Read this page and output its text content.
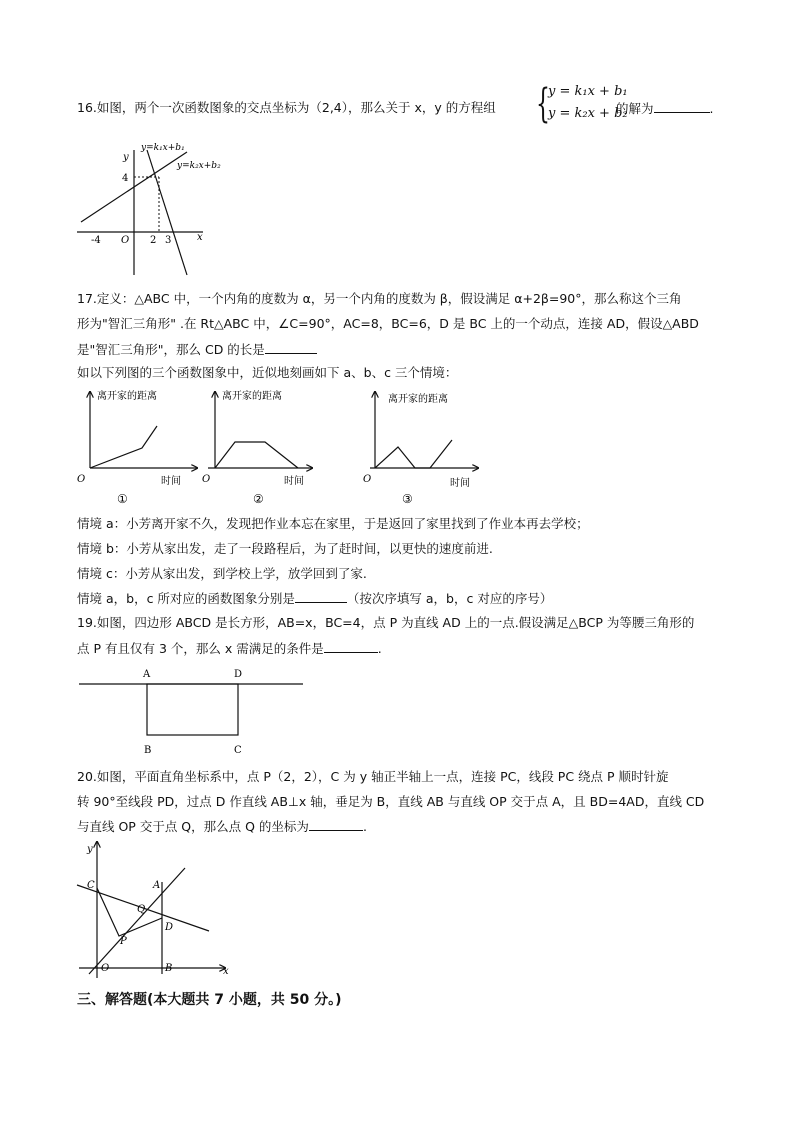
16.如图，两个一次函数图象的交点坐标为（2,4），那么关于 x，y 的方程组 {
y = k₁x + b₁
y = k₂x + b₂
的解为	.
y=k₁x+b₁
y=k₂x+b₂
y
x
4
-4 O 2 3
17.定义：△ABC 中，一个内角的度数为 α，另一个内角的度数为 β，假设满足 α+2β=90°，那么称这个三角
形为"智汇三角形" .在 Rt△ABC 中，∠C=90°，AC=8，BC=6，D 是 BC 上的一个动点，连接 AD，假设△ABD
是"智汇三角形"，那么 CD 的长是
如以下列图的三个函数图象中，近似地刻画如下 a、b、c 三个情境：
离开家的距离
时间
O
①
离开家的距离
时间
O
②
离开家的距离
时间
O
③
情境 a：小芳离开家不久，发现把作业本忘在家里，于是返回了家里找到了作业本再去学校；
情境 b：小芳从家出发，走了一段路程后，为了赶时间，以更快的速度前进.
情境 c：小芳从家出发，到学校上学，放学回到了家.
情境 a，b，c 所对应的函数图象分别是	（按次序填写 a，b，c 对应的序号）
19.如图，四边形 ABCD 是长方形，AB=x，BC=4，点 P 为直线 AD 上的一点.假设满足△BCP 为等腰三角形的
点 P 有且仅有 3 个，那么 x 需满足的条件是	.
A	D
B	C
20.如图，平面直角坐标系中，点 P（2，2），C 为 y 轴正半轴上一点，连接 PC，线段 PC 绕点 P 顺时针旋
转 90°至线段 PD，过点 D 作直线 AB⊥x 轴，垂足为 B，直线 AB 与直线 OP 交于点 A，且 BD=4AD，直线 CD
与直线 OP 交于点 Q，那么点 Q 的坐标为	.
y
x
O
C	A
Q
D
P
B
三、解答题(本大题共 7 小题，共 50 分。)
